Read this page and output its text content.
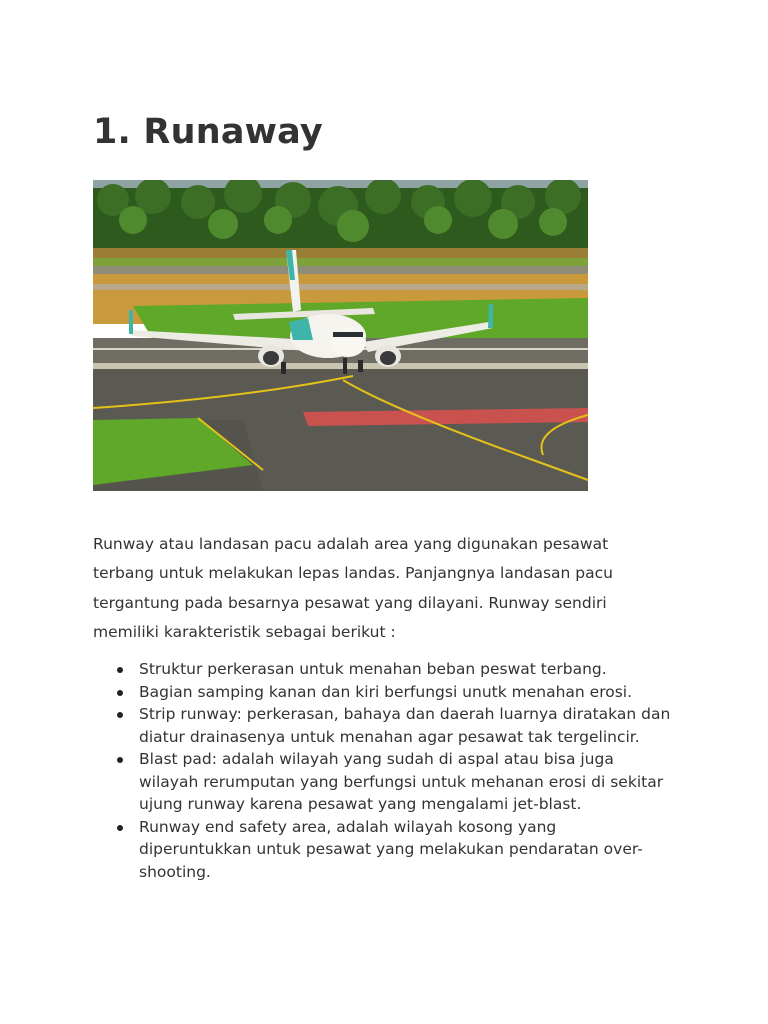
1. Runaway

Runway atau landasan pacu adalah area yang digunakan pesawat terbang untuk melakukan lepas landas. Panjangnya landasan pacu tergantung pada besarnya pesawat yang dilayani. Runway sendiri memiliki karakteristik sebagai berikut :

Struktur perkerasan untuk menahan beban peswat terbang.
Bagian samping kanan dan kiri berfungsi unutk menahan erosi.
Strip runway: perkerasan, bahaya dan daerah luarnya diratakan dan diatur drainasenya untuk menahan agar pesawat tak tergelincir.
Blast pad: adalah wilayah yang sudah di aspal atau bisa juga wilayah rerumputan yang berfungsi untuk mehanan erosi di sekitar ujung runway karena pesawat yang mengalami jet-blast.
Runway end safety area, adalah wilayah kosong yang diperuntukkan untuk pesawat yang melakukan pendaratan over-shooting.
